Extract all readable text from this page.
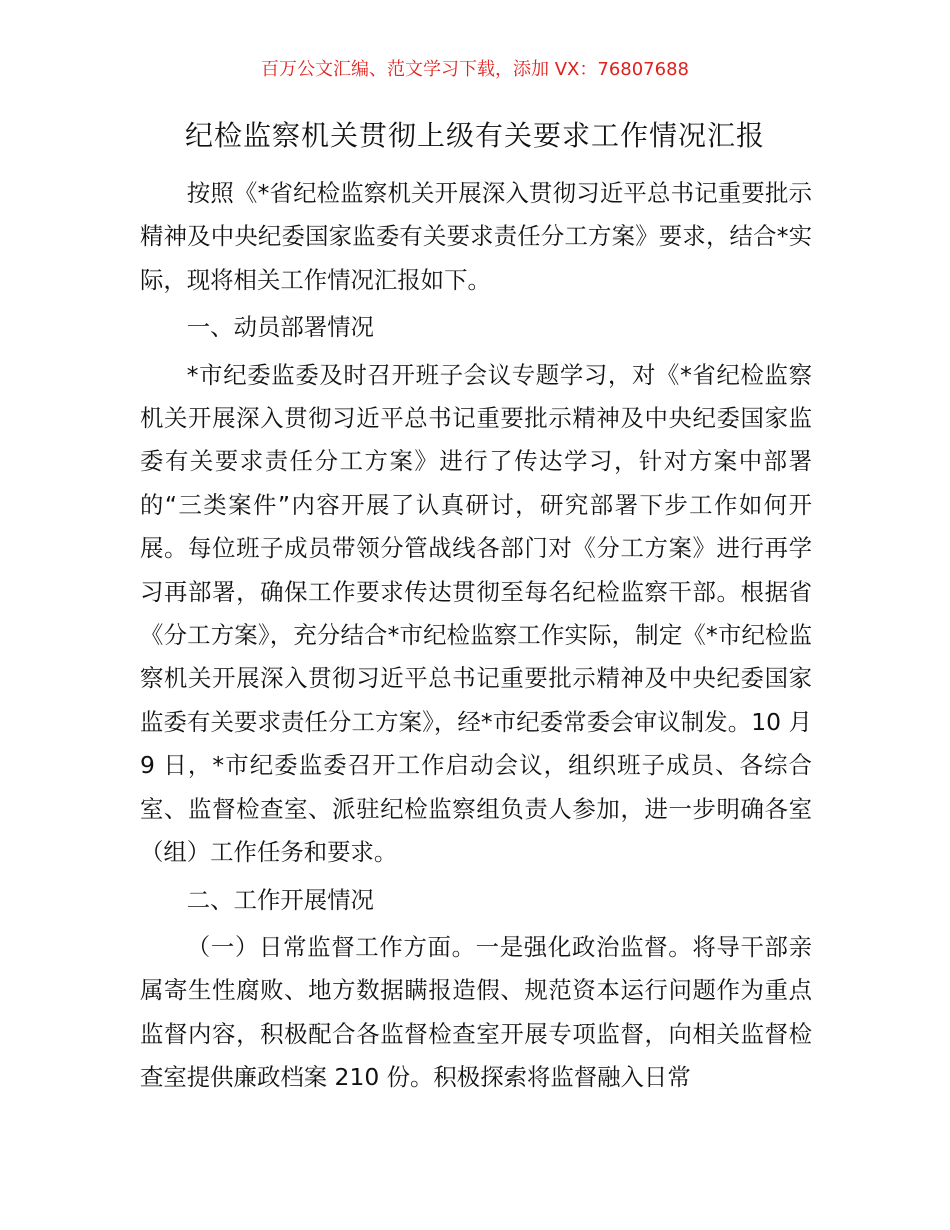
百万公文汇编、范文学习下载，添加 VX：76807688
纪检监察机关贯彻上级有关要求工作情况汇报

按照《*省纪检监察机关开展深入贯彻习近平总书记重要批示精神及中央纪委国家监委有关要求责任分工方案》要求，结合*实际，现将相关工作情况汇报如下。

一、动员部署情况

*市纪委监委及时召开班子会议专题学习，对《*省纪检监察机关开展深入贯彻习近平总书记重要批示精神及中央纪委国家监委有关要求责任分工方案》进行了传达学习，针对方案中部署的“三类案件”内容开展了认真研讨，研究部署下步工作如何开展。每位班子成员带领分管战线各部门对《分工方案》进行再学习再部署，确保工作要求传达贯彻至每名纪检监察干部。根据省《分工方案》，充分结合*市纪检监察工作实际，制定《*市纪检监察机关开展深入贯彻习近平总书记重要批示精神及中央纪委国家监委有关要求责任分工方案》，经*市纪委常委会审议制发。10 月 9 日，*市纪委监委召开工作启动会议，组织班子成员、各综合室、监督检查室、派驻纪检监察组负责人参加，进一步明确各室（组）工作任务和要求。

二、工作开展情况

（一）日常监督工作方面。一是强化政治监督。将导干部亲属寄生性腐败、地方数据瞒报造假、规范资本运行问题作为重点监督内容，积极配合各监督检查室开展专项监督，向相关监督检查室提供廉政档案 210 份。积极探索将监督融入日常
